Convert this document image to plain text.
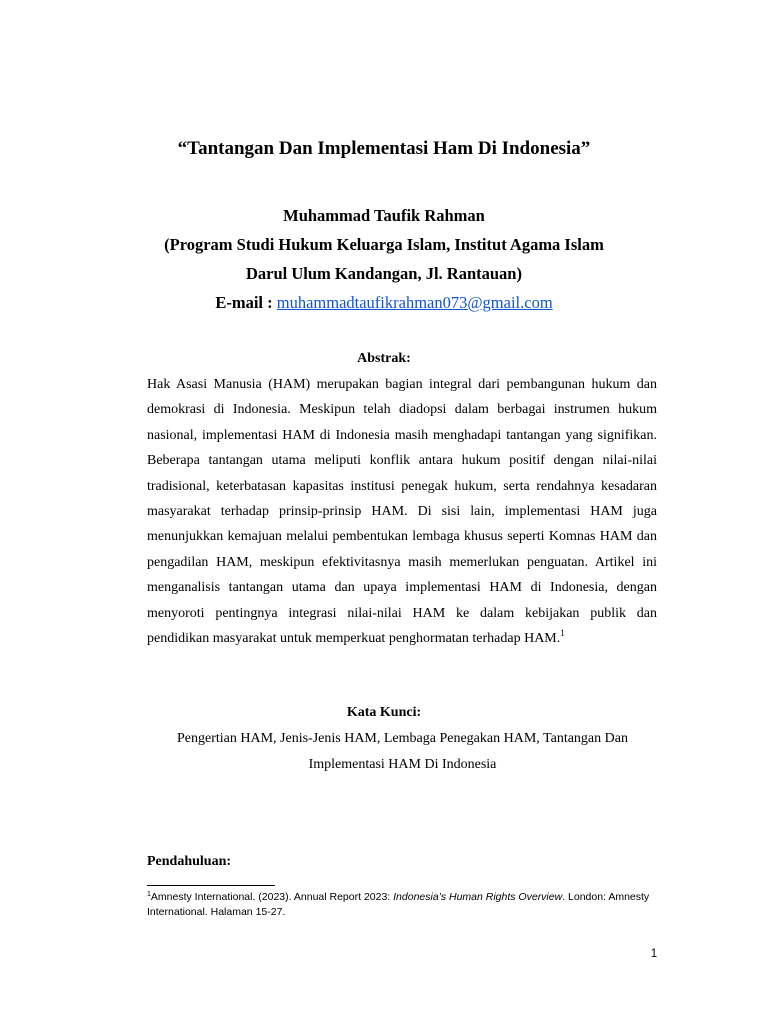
“Tantangan Dan Implementasi Ham Di Indonesia”
Muhammad Taufik Rahman
(Program Studi Hukum Keluarga Islam, Institut Agama Islam
Darul Ulum Kandangan, Jl. Rantauan)
E-mail : muhammadtaufikrahman073@gmail.com
Abstrak:
Hak Asasi Manusia (HAM) merupakan bagian integral dari pembangunan hukum dan demokrasi di Indonesia. Meskipun telah diadopsi dalam berbagai instrumen hukum nasional, implementasi HAM di Indonesia masih menghadapi tantangan yang signifikan. Beberapa tantangan utama meliputi konflik antara hukum positif dengan nilai-nilai tradisional, keterbatasan kapasitas institusi penegak hukum, serta rendahnya kesadaran masyarakat terhadap prinsip-prinsip HAM. Di sisi lain, implementasi HAM juga menunjukkan kemajuan melalui pembentukan lembaga khusus seperti Komnas HAM dan pengadilan HAM, meskipun efektivitasnya masih memerlukan penguatan. Artikel ini menganalisis tantangan utama dan upaya implementasi HAM di Indonesia, dengan menyoroti pentingnya integrasi nilai-nilai HAM ke dalam kebijakan publik dan pendidikan masyarakat untuk memperkuat penghormatan terhadap HAM.$^1$
Kata Kunci:
Pengertian HAM, Jenis-Jenis HAM, Lembaga Penegakan HAM, Tantangan Dan
Implementasi HAM Di Indonesia
Pendahuluan:
$^1$Amnesty International. (2023). Annual Report 2023: Indonesia’s Human Rights Overview. London: Amnesty International. Halaman 15-27.
1
